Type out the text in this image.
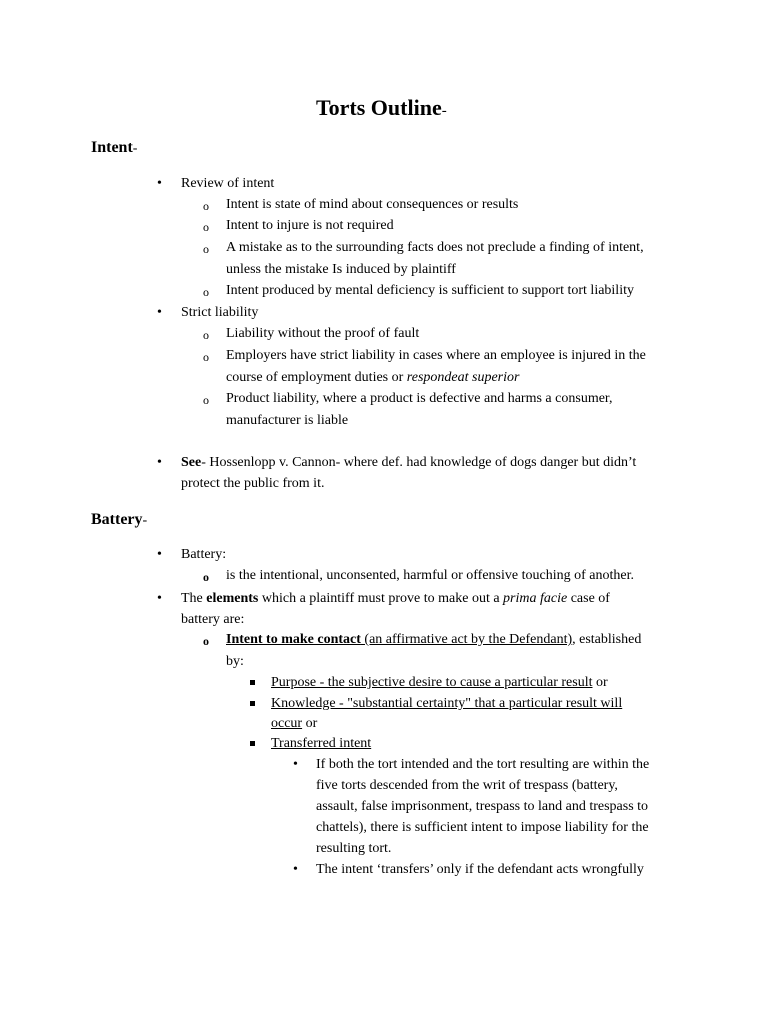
Torts Outline-
Intent-
• Review of intent
o Intent is state of mind about consequences or results
o Intent to injure is not required
o A mistake as to the surrounding facts does not preclude a finding of intent,
unless the mistake Is induced by plaintiff
o Intent produced by mental deficiency is sufficient to support tort liability
• Strict liability
o Liability without the proof of fault
o Employers have strict liability in cases where an employee is injured in the
course of employment duties or respondeat superior
o Product liability, where a product is defective and harms a consumer,
manufacturer is liable
• See- Hossenlopp v. Cannon- where def. had knowledge of dogs danger but didn’t
protect the public from it.
Battery-
• Battery:
o is the intentional, unconsented, harmful or offensive touching of another.
• The elements which a plaintiff must prove to make out a prima facie case of
battery are:
o Intent to make contact (an affirmative act by the Defendant), established
by:
Purpose - the subjective desire to cause a particular result or
Knowledge - "substantial certainty" that a particular result will
occur or
Transferred intent
• If both the tort intended and the tort resulting are within the
five torts descended from the writ of trespass (battery,
assault, false imprisonment, trespass to land and trespass to
chattels), there is sufficient intent to impose liability for the
resulting tort.
• The intent ‘transfers’ only if the defendant acts wrongfully
